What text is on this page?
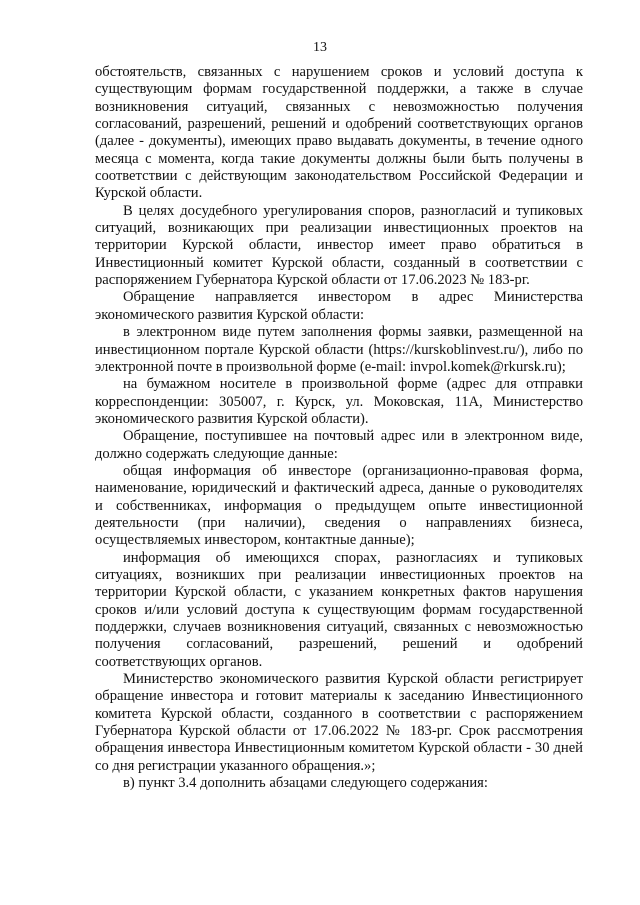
13

обстоятельств, связанных с нарушением сроков и условий доступа к существующим формам государственной поддержки, а также в случае возникновения ситуаций, связанных с невозможностью получения согласований, разрешений, решений и одобрений соответствующих органов (далее - документы), имеющих право выдавать документы, в течение одного месяца с момента, когда такие документы должны были быть получены в соответствии с действующим законодательством Российской Федерации и Курской области.

В целях досудебного урегулирования споров, разногласий и тупиковых ситуаций, возникающих при реализации инвестиционных проектов на территории Курской области, инвестор имеет право обратиться в Инвестиционный комитет Курской области, созданный в соответствии с распоряжением Губернатора Курской области от 17.06.2023 № 183-рг.

Обращение направляется инвестором в адрес Министерства экономического развития Курской области:

в электронном виде путем заполнения формы заявки, размещенной на инвестиционном портале Курской области (https://kurskoblinvest.ru/), либо по электронной почте в произвольной форме (e-mail: invpol.komek@rkursk.ru);

на бумажном носителе в произвольной форме (адрес для отправки корреспонденции: 305007, г. Курск, ул. Моковская, 11А, Министерство экономического развития Курской области).

Обращение, поступившее на почтовый адрес или в электронном виде, должно содержать следующие данные:

общая информация об инвесторе (организационно-правовая форма, наименование, юридический и фактический адреса, данные о руководителях и собственниках, информация о предыдущем опыте инвестиционной деятельности (при наличии), сведения о направлениях бизнеса, осуществляемых инвестором, контактные данные);

информация об имеющихся спорах, разногласиях и тупиковых ситуациях, возникших при реализации инвестиционных проектов на территории Курской области, с указанием конкретных фактов нарушения сроков и/или условий доступа к существующим формам государственной поддержки, случаев возникновения ситуаций, связанных с невозможностью получения согласований, разрешений, решений и одобрений соответствующих органов.

Министерство экономического развития Курской области регистрирует обращение инвестора и готовит материалы к заседанию Инвестиционного комитета Курской области, созданного в соответствии с распоряжением Губернатора Курской области от 17.06.2022 № 183-рг. Срок рассмотрения обращения инвестора Инвестиционным комитетом Курской области - 30 дней со дня регистрации указанного обращения.»;

в) пункт 3.4 дополнить абзацами следующего содержания:
